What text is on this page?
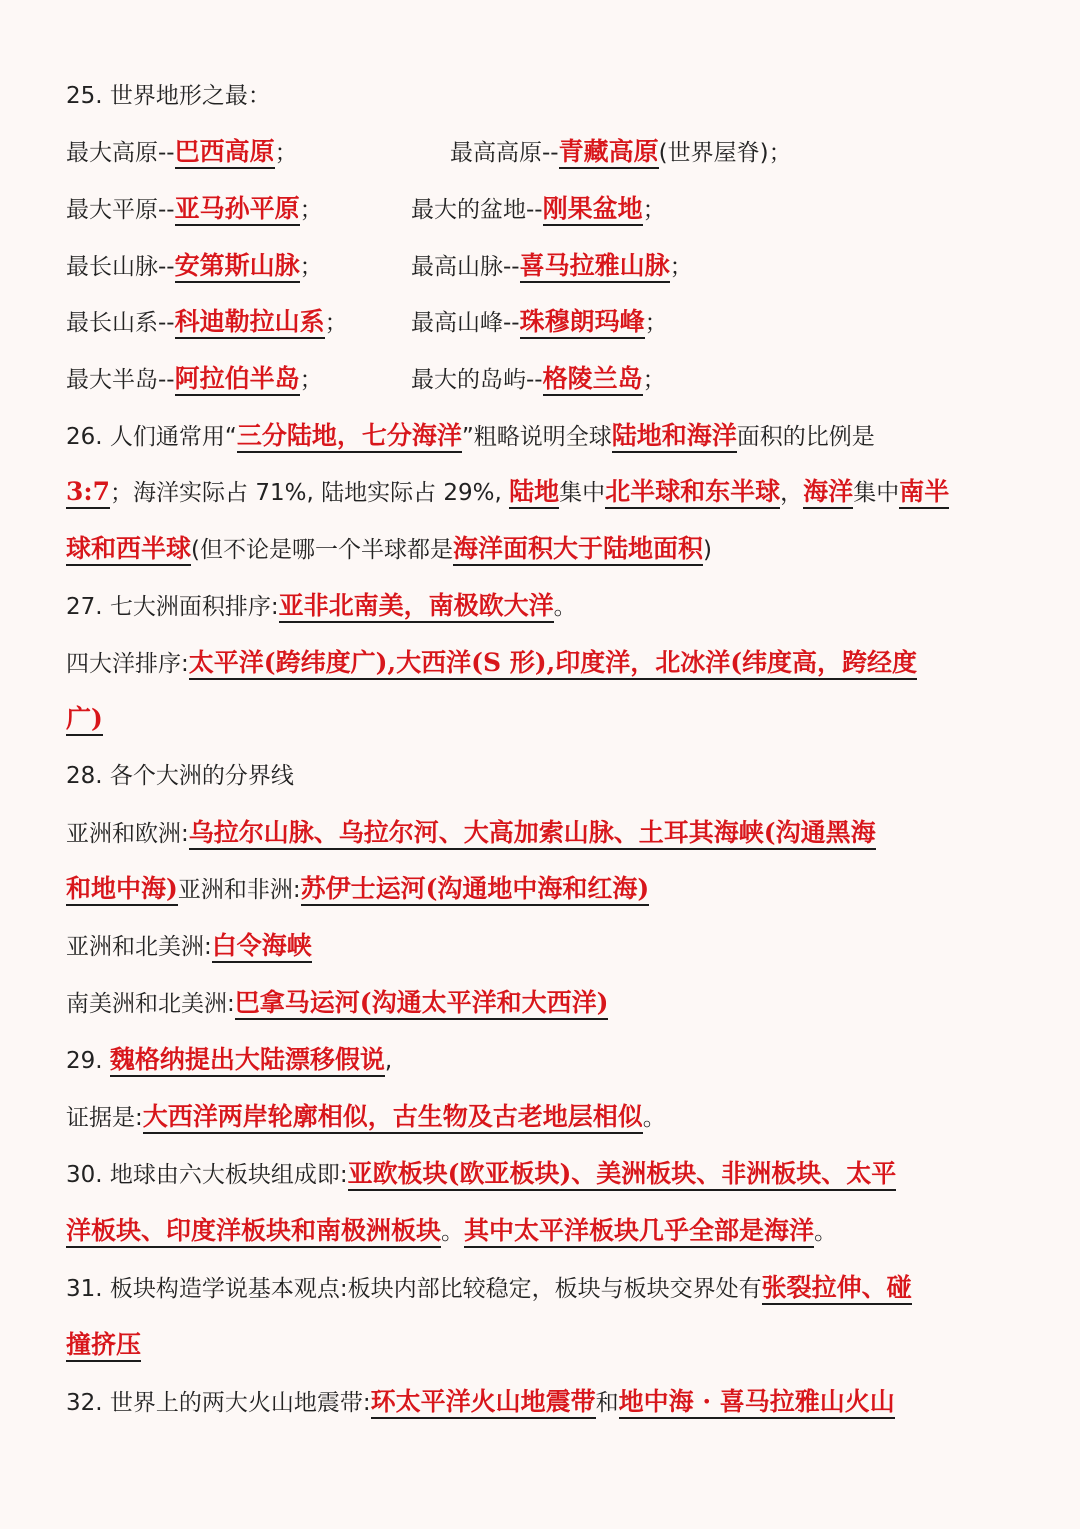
25. 世界地形之最：
最大高原--巴西高原；	最高高原--青藏高原(世界屋脊)；
最大平原--亚马孙平原；	最大的盆地--刚果盆地；
最长山脉--安第斯山脉；	最高山脉--喜马拉雅山脉；
最长山系--科迪勒拉山系；	最高山峰--珠穆朗玛峰；
最大半岛--阿拉伯半岛；	最大的岛屿--格陵兰岛；
26. 人们通常用“三分陆地，七分海洋”粗略说明全球陆地和海洋面积的比例是
3:7；海洋实际占 71%, 陆地实际占 29%, 陆地集中北半球和东半球，海洋集中南半
球和西半球(但不论是哪一个半球都是海洋面积大于陆地面积)
27. 七大洲面积排序:亚非北南美，南极欧大洋。
四大洋排序:太平洋(跨纬度广),大西洋(S 形),印度洋，北冰洋(纬度高，跨经度
广)
28. 各个大洲的分界线
亚洲和欧洲:乌拉尔山脉、乌拉尔河、大高加索山脉、土耳其海峡(沟通黑海
和地中海)亚洲和非洲:苏伊士运河(沟通地中海和红海)
亚洲和北美洲:白令海峡
南美洲和北美洲:巴拿马运河(沟通太平洋和大西洋)
29. 魏格纳提出大陆漂移假说,
证据是:大西洋两岸轮廓相似，古生物及古老地层相似。
30. 地球由六大板块组成即:亚欧板块(欧亚板块)、美洲板块、非洲板块、太平
洋板块、印度洋板块和南极洲板块。其中太平洋板块几乎全部是海洋。
31. 板块构造学说基本观点:板块内部比较稳定，板块与板块交界处有张裂拉伸、碰
撞挤压
32. 世界上的两大火山地震带:环太平洋火山地震带和地中海 · 喜马拉雅山火山
